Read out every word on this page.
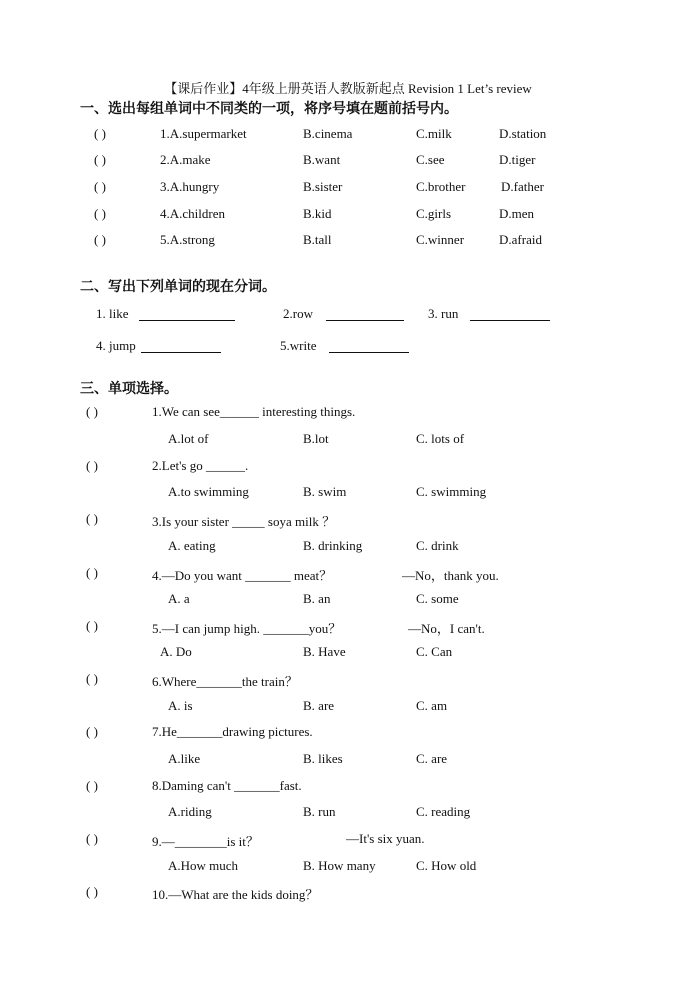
【课后作业】4年级上册英语人教版新起点 Revision 1 Let’s review
一、选出每组单词中不同类的一项，将序号填在题前括号内。
( )	1.A.supermarket	B.cinema	C.milk	D.station
( )	2.A.make	B.want	C.see	D.tiger
( )	3.A.hungry	B.sister	C.brother	D.father
( )	4.A.children	B.kid	C.girls	D.men
( )	5.A.strong	B.tall	C.winner	D.afraid
二、写出下列单词的现在分词。
1. like	2.row	3. run
4. jump	5.write
三、单项选择。
( )	1.We can see______ interesting things.
A.lot of	B.lot	C. lots of
( )	2.Let's go ______.
A.to swimming	B. swim	C. swimming
( )	3.Is your sister _____ soya milk ？
A. eating	B. drinking	C. drink
( )	4.—Do you want _______ meat？	—No，thank you.
A. a	B. an	C. some
( )	5.—I can jump high. _______you？	—No，I can't.
A. Do	B. Have	C. Can
( )	6.Where_______the train？
A. is	B. are	C. am
( )	7.He_______drawing pictures.
A.like	B. likes	C. are
( )	8.Daming can't _______fast.
A.riding	B. run	C. reading
( )	9.—________is it？	—It's six yuan.
A.How much	B. How many	C. How old
( )	10.—What are the kids doing？
